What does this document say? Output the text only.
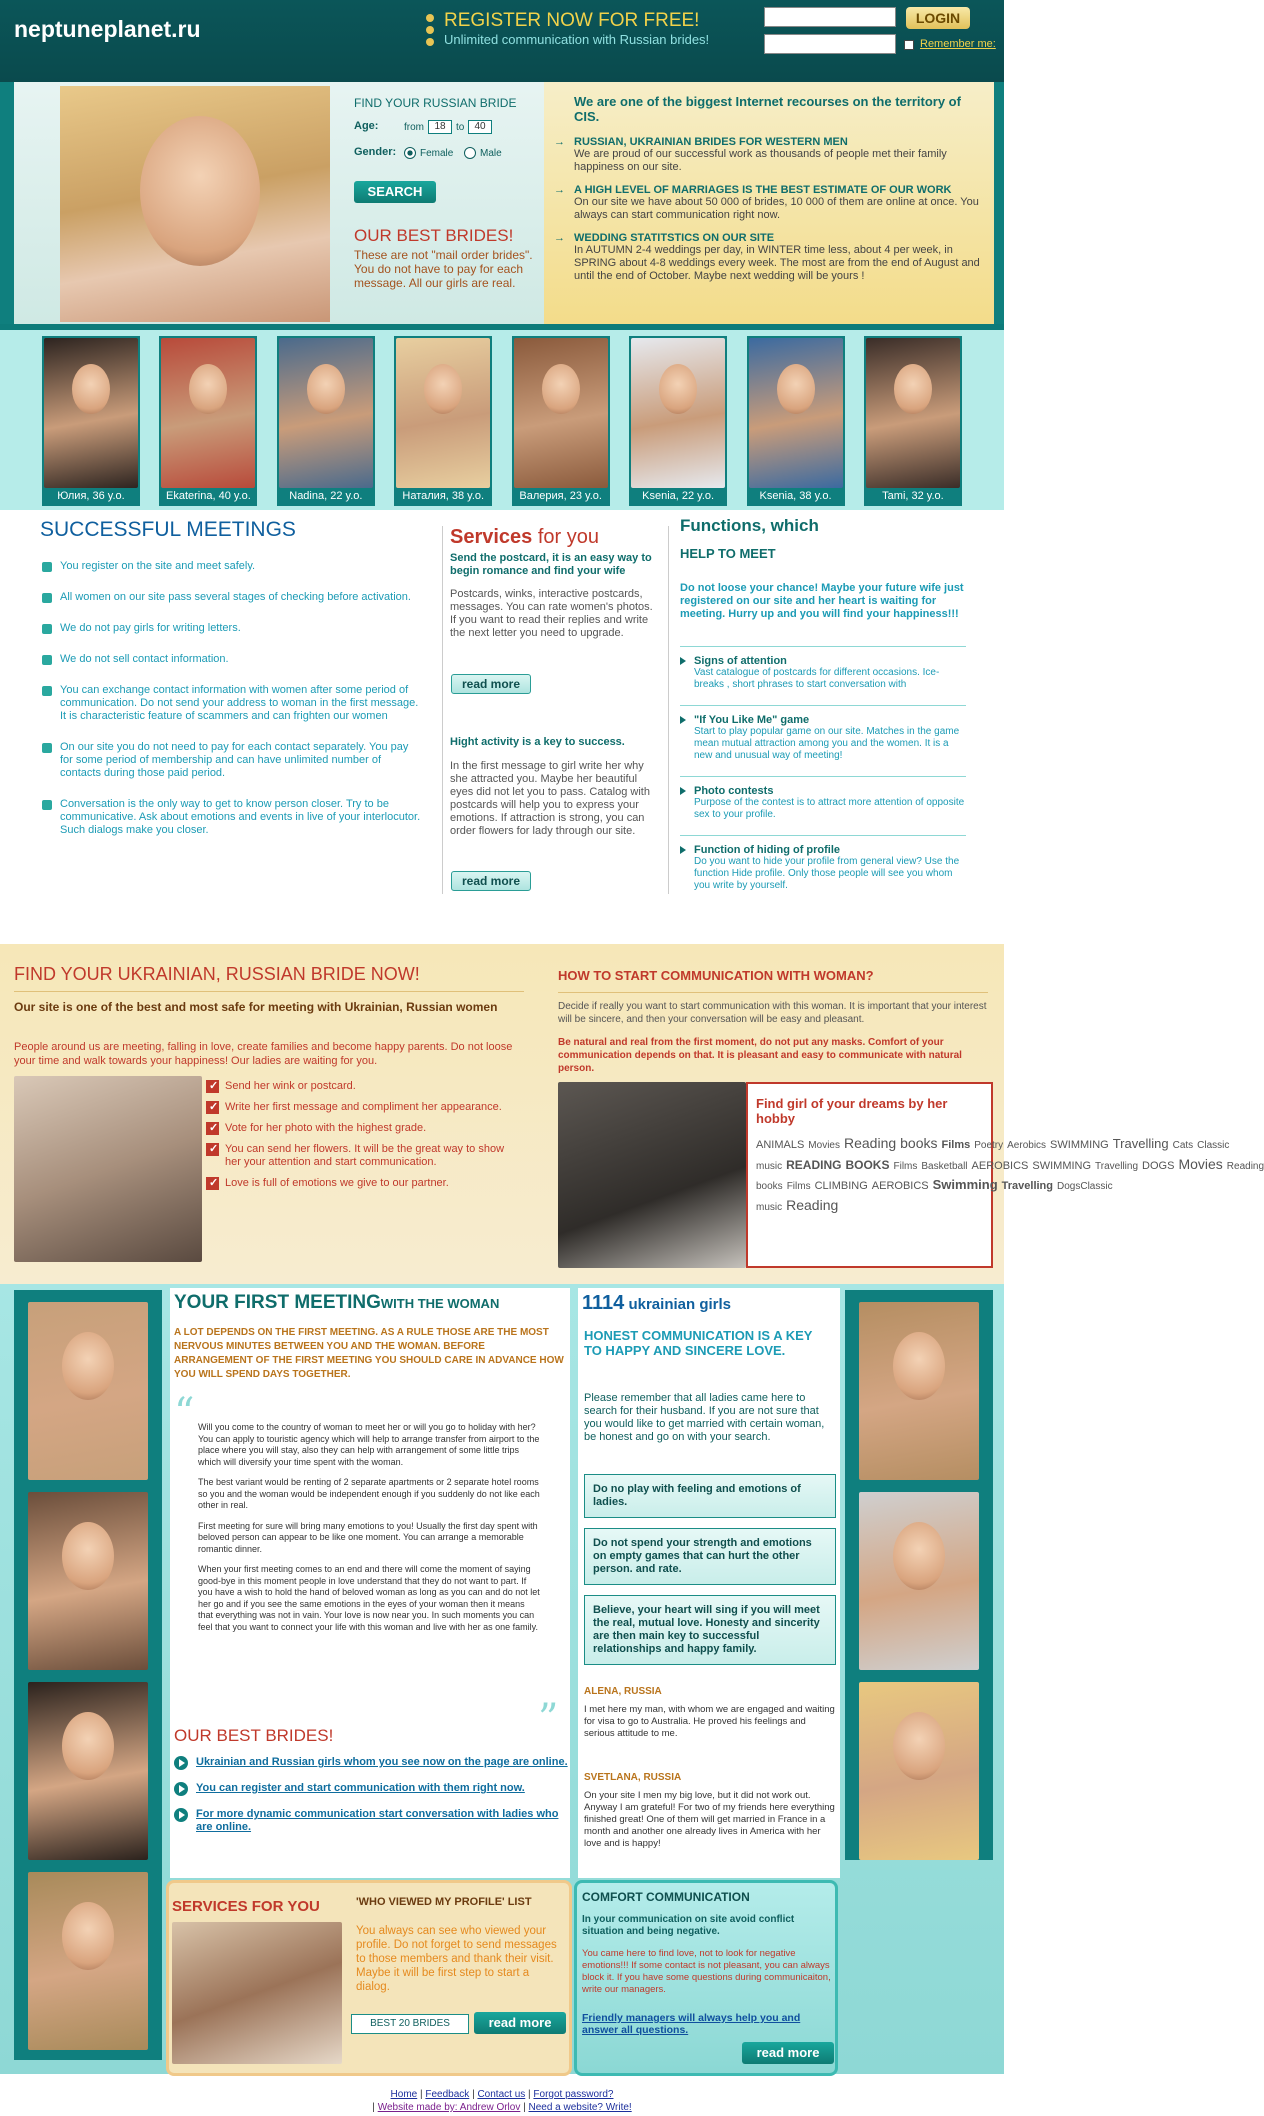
neptuneplanet.ru	REGISTER NOW FOR FREE!
Unlimited communication with Russian brides!
LOGIN
Remember me:
FIND YOUR RUSSIAN BRIDE
Age:	from	18	to	40
Gender: Female	Male
SEARCH
OUR BEST BRIDES!
These are not "mail order brides". You do not have to pay for each message. All our girls are real.
We are one of the biggest Internet recourses on the territory of CIS.
→ RUSSIAN, UKRAINIAN BRIDES FOR WESTERN MEN
We are proud of our successful work as thousands of people met their family happiness on our site.
→ A HIGH LEVEL OF MARRIAGES IS THE BEST ESTIMATE OF OUR WORK
On our site we have about 50 000 of brides, 10 000 of them are online at once. You always can start communication right now.
→ WEDDING STATITSTICS ON OUR SITE
In AUTUMN 2-4 weddings per day, in WINTER time less, about 4 per week, in SPRING about 4-8 weddings every week. The most are from the end of August and until the end of October. Maybe next wedding will be yours !
Юлия, 36 y.o.	Ekaterina, 40 y.o.	Nadina, 22 y.o.	Наталия, 38 y.o.	Валерия, 23 y.o.	Ksenia, 22 y.o.	Ksenia, 38 y.o.	Tami, 32 y.o.
SUCCESSFUL MEETINGS
You register on the site and meet safely.
All women on our site pass several stages of checking before activation.
We do not pay girls for writing letters.
We do not sell contact information.
You can exchange contact information with women after some period of communication. Do not send your address to woman in the first message. It is characteristic feature of scammers and can frighten our women
On our site you do not need to pay for each contact separately. You pay for some period of membership and can have unlimited number of contacts during those paid period.
Conversation is the only way to get to know person closer. Try to be communicative. Ask about emotions and events in live of your interlocutor. Such dialogs make you closer.
Services for you
Send the postcard, it is an easy way to begin romance and find your wife
Postcards, winks, interactive postcards, messages. You can rate women's photos. If you want to read their replies and write the next letter you need to upgrade.
read more
Hight activity is a key to success.
In the first message to girl write her why she attracted you. Maybe her beautiful eyes did not let you to pass. Catalog with postcards will help you to express your emotions. If attraction is strong, you can order flowers for lady through our site.
read more
Functions, which
HELP TO MEET
Do not loose your chance! Maybe your future wife just registered on our site and her heart is waiting for meeting. Hurry up and you will find your happiness!!!
Signs of attention
Vast catalogue of postcards for different occasions. Ice-breaks , short phrases to start conversation with
"If You Like Me" game
Start to play popular game on our site. Matches in the game mean mutual attraction among you and the women. It is a new and unusual way of meeting!
Photo contests
Purpose of the contest is to attract more attention of opposite sex to your profile.
Function of hiding of profile
Do you want to hide your profile from general view? Use the function Hide profile. Only those people will see you whom you write by yourself.
FIND YOUR UKRAINIAN, RUSSIAN BRIDE NOW!
Our site is one of the best and most safe for meeting with Ukrainian, Russian women
People around us are meeting, falling in love, create families and become happy parents. Do not loose your time and walk towards your happiness! Our ladies are waiting for you.
✓ Send her wink or postcard.
✓ Write her first message and compliment her appearance.
✓ Vote for her photo with the highest grade.
✓ You can send her flowers. It will be the great way to show her your attention and start communication.
✓ Love is full of emotions we give to our partner.
HOW TO START COMMUNICATION WITH WOMAN?
Decide if really you want to start communication with this woman. It is important that your interest will be sincere, and then your conversation will be easy and pleasant.
Be natural and real from the first moment, do not put any masks. Comfort of your communication depends on that. It is pleasant and easy to communicate with natural person.
Find girl of your dreams by her hobby
ANIMALS Movies Reading books Films Poetry Aerobics SWIMMING Travelling Cats Classic music READING BOOKS Films Basketball AEROBICS SWIMMING Travelling DOGS Movies Reading books Films CLIMBING AEROBICS Swimming Travelling DogsClassic music Reading
YOUR FIRST MEETINGWITH THE WOMAN
A LOT DEPENDS ON THE FIRST MEETING. AS A RULE THOSE ARE THE MOST NERVOUS MINUTES BETWEEN YOU AND THE WOMAN. BEFORE ARRANGEMENT OF THE FIRST MEETING YOU SHOULD CARE IN ADVANCE HOW YOU WILL SPEND DAYS TOGETHER.
“ Will you come to the country of woman to meet her or will you go to holiday with her? You can apply to touristic agency which will help to arrange transfer from airport to the place where you will stay, also they can help with arrangement of some little trips which will diversify your time spent with the woman.

The best variant would be renting of 2 separate apartments or 2 separate hotel rooms so you and the woman would be independent enough if you suddenly do not like each other in real.

First meeting for sure will bring many emotions to you! Usually the first day spent with beloved person can appear to be like one moment. You can arrange a memorable romantic dinner.

When your first meeting comes to an end and there will come the moment of saying good-bye in this moment people in love understand that they do not want to part. If you have a wish to hold the hand of beloved woman as long as you can and do not let her go and if you see the same emotions in the eyes of your woman then it means that everything was not in vain. Your love is now near you. In such moments you can feel that you want to connect your life with this woman and live with her as one family.

”
OUR BEST BRIDES!
Ukrainian and Russian girls whom you see now on the page are online.
You can register and start communication with them right now.
For more dynamic communication start conversation with ladies who are online.
1114 ukrainian girls
HONEST COMMUNICATION IS A KEY TO HAPPY AND SINCERE LOVE.
Please remember that all ladies came here to search for their husband. If you are not sure that you would like to get married with certain woman, be honest and go on with your search.
Do no play with feeling and emotions of ladies.
Do not spend your strength and emotions on empty games that can hurt the other person. and rate.
Believe, your heart will sing if you will meet the real, mutual love. Honesty and sincerity are then main key to successful relationships and happy family.
ALENA, RUSSIA
I met here my man, with whom we are engaged and waiting for visa to go to Australia. He proved his feelings and serious attitude to me.
SVETLANA, RUSSIA
On your site I men my big love, but it did not work out. Anyway I am grateful! For two of my friends here everything finished great! One of them will get married in France in a month and another one already lives in America with her love and is happy!
SERVICES FOR YOU	'WHO VIEWED MY PROFILE' LIST
You always can see who viewed your profile. Do not forget to send messages to those members and thank their visit. Maybe it will be first step to start a dialog.
BEST 20 BRIDES	read more
COMFORT COMMUNICATION
In your communication on site avoid conflict situation and being negative.
You came here to find love, not to look for negative emotions!!! If some contact is not pleasant, you can always block it. If you have some questions during communicaiton, write our managers.
Friendly managers will always help you and answer all questions.
read more
Home | Feedback | Contact us | Forgot password?
| Website made by: Andrew Orlov | Need a website? Write!
